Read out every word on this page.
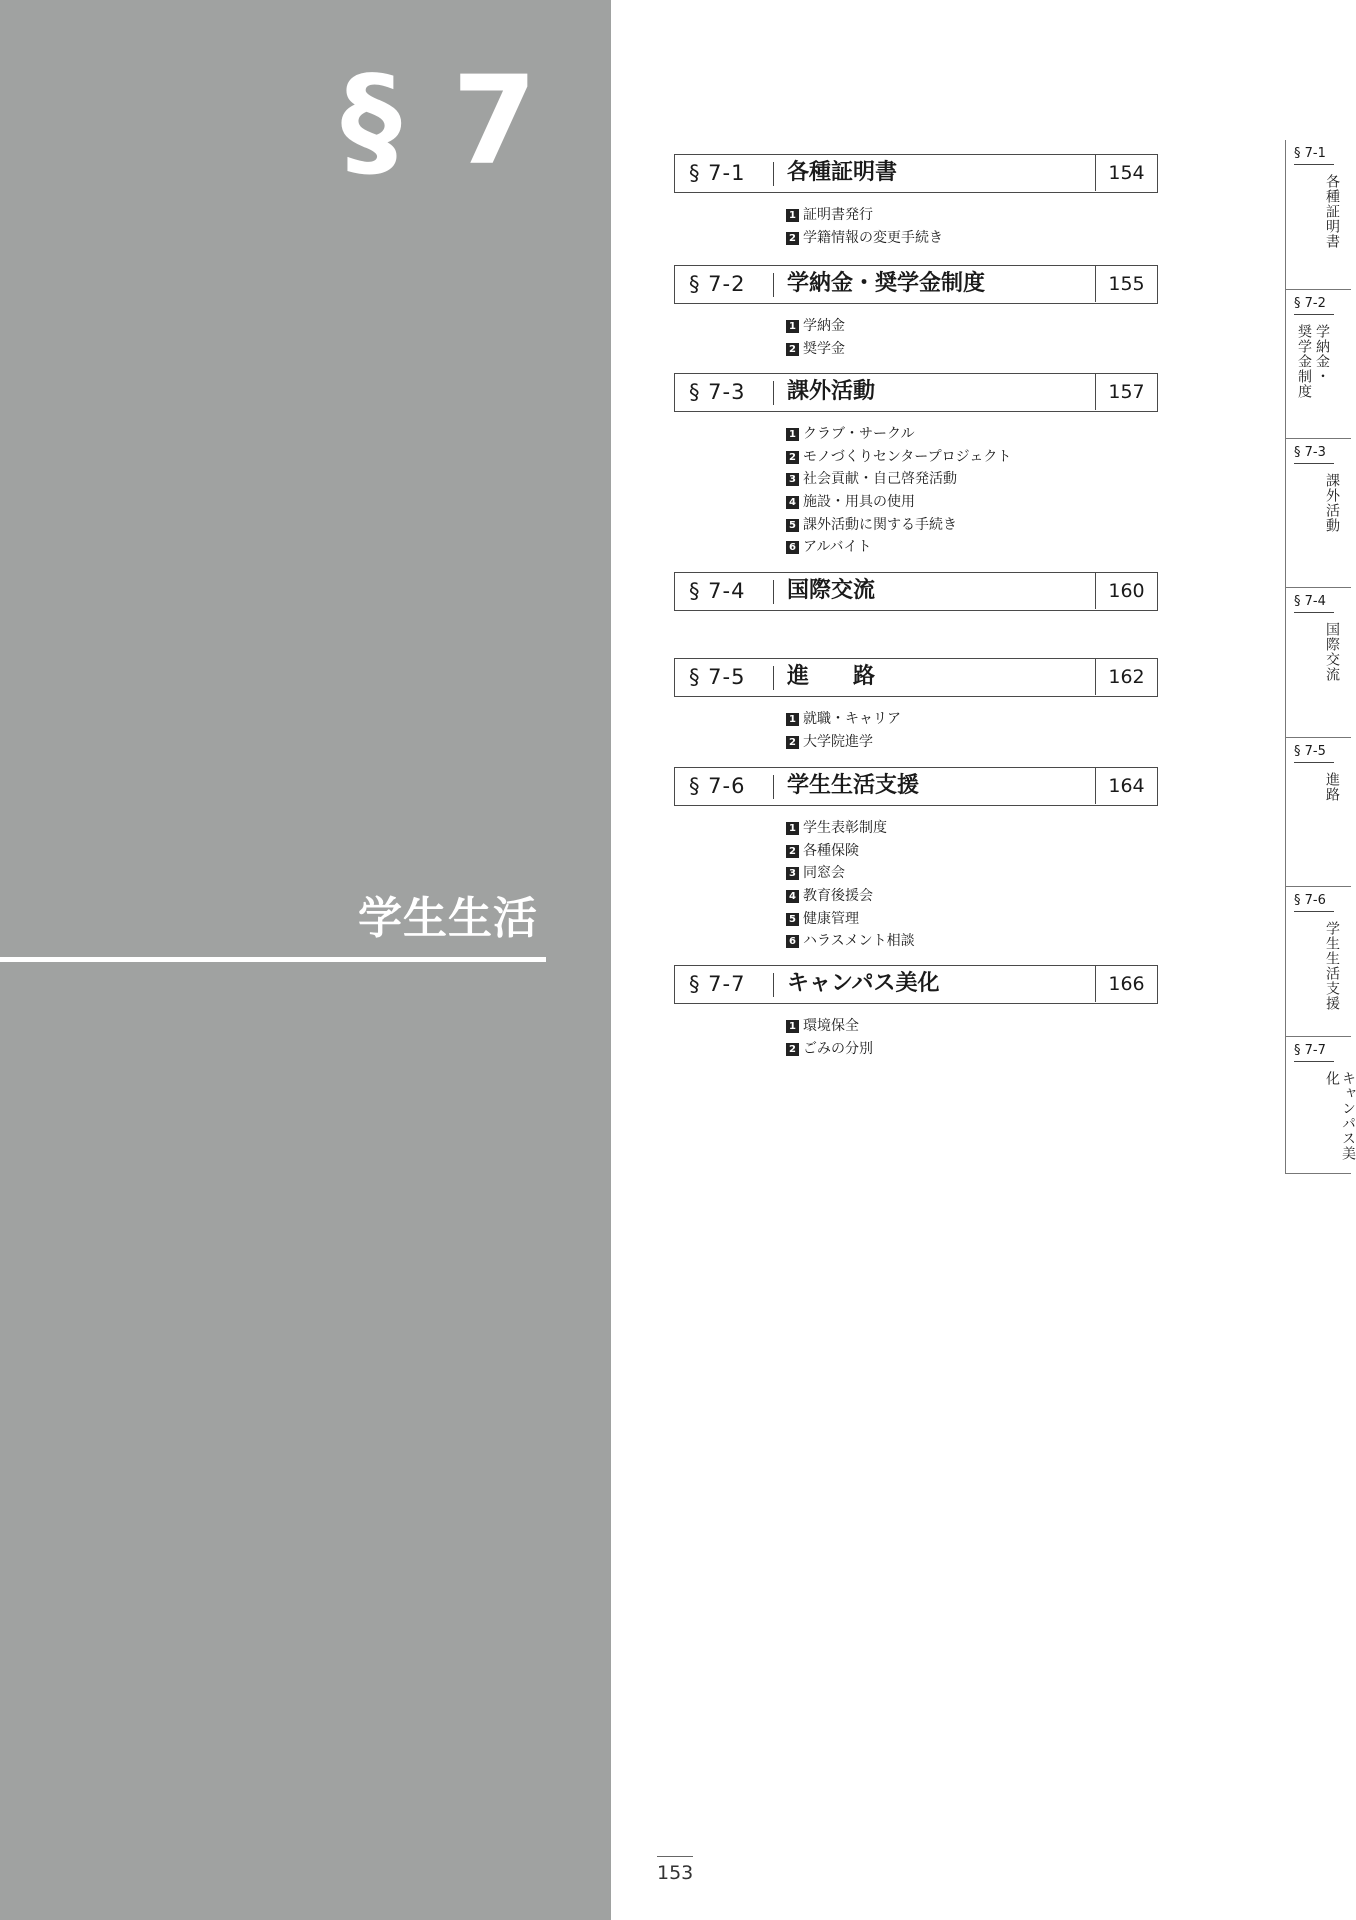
§ 7
学生生活
§ 7-1 各種証明書	154
1 証明書発行
2 学籍情報の変更手続き
§ 7-2 学納金・奨学金制度	155
1 学納金
2 奨学金
§ 7-3 課外活動	157
1 クラブ・サークル
2 モノづくりセンタープロジェクト
3 社会貢献・自己啓発活動
4 施設・用具の使用
5 課外活動に関する手続き
6 アルバイト
§ 7-4 国際交流	160
§ 7-5 進　　路	162
1 就職・キャリア
2 大学院進学
§ 7-6 学生生活支援	164
1 学生表彰制度
2 各種保険
3 同窓会
4 教育後援会
5 健康管理
6 ハラスメント相談
§ 7-7 キャンパス美化	166
1 環境保全
2 ごみの分別
153
§ 7-1
各種証明書
§ 7-2
学納金・
奨学金制度
§ 7-3
課外活動
§ 7-4
国際交流
§ 7-5
進路
§ 7-6
学生生活支援
§ 7-7
キャンパス美化
